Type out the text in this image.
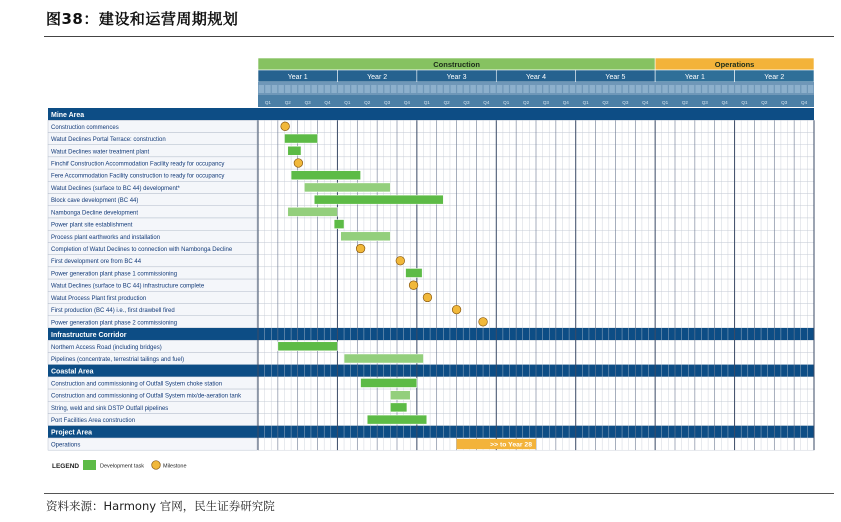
图38：建设和运营周期规划
Construction	Operations
Year 1	Year 2	Year 3	Year 4	Year 5	Year 1	Year 2
Q1	Q2	Q3	Q4	Q1	Q2	Q3	Q4	Q1	Q2	Q3	Q4	Q1	Q2	Q3	Q4	Q1	Q2	Q3	Q4	Q1	Q2	Q3	Q4	Q1	Q2	Q3	Q4
Mine Area
Construction commences
Watut Declines Portal Terrace: construction
Watut Declines water treatment plant
Finchif Construction Accommodation Facility ready for occupancy
Fere Accommodation Facility construction to ready for occupancy
Watut Declines (surface to BC 44) development*
Block cave development (BC 44)
Nambonga Decline development
Power plant site establishment
Process plant earthworks and installation
Completion of Watut Declines to connection with Nambonga Decline
First development ore from BC 44
Power generation plant phase 1 commissioning
Watut Declines (surface to BC 44) infrastructure complete
Watut Process Plant first production
First production (BC 44) i.e., first drawbell fired
Power generation plant phase 2 commissioning
Infrastructure Corridor
Northern Access Road (including bridges)
Pipelines (concentrate, terrestrial tailings and fuel)
Coastal Area
Construction and commissioning of Outfall System choke station
Construction and commissioning of Outfall System mix/de-aeration tank
String, weld and sink DSTP Outfall pipelines
Port Facilities Area construction
Project Area
Operations	>> to Year 28
LEGEND	Development task	Milestone
资料来源：Harmony 官网，民生证券研究院
